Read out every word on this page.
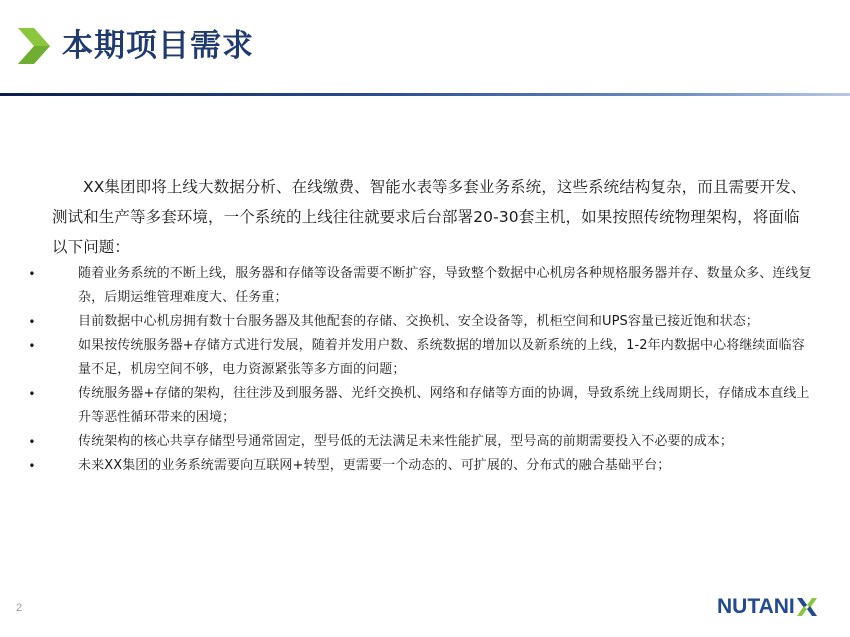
本期项目需求

XX集团即将上线大数据分析、在线缴费、智能水表等多套业务系统，这些系统结构复杂，而且需要开发、测试和生产等多套环境，一个系统的上线往往就要求后台部署20-30套主机，如果按照传统物理架构，将面临以下问题：

•	随着业务系统的不断上线，服务器和存储等设备需要不断扩容，导致整个数据中心机房各种规格服务器并存、数量众多、连线复杂，后期运维管理难度大、任务重；
•	目前数据中心机房拥有数十台服务器及其他配套的存储、交换机、安全设备等，机柜空间和UPS容量已接近饱和状态；
•	如果按传统服务器+存储方式进行发展，随着并发用户数、系统数据的增加以及新系统的上线，1-2年内数据中心将继续面临容量不足，机房空间不够，电力资源紧张等多方面的问题；
•	传统服务器+存储的架构，往往涉及到服务器、光纤交换机、网络和存储等方面的协调，导致系统上线周期长，存储成本直线上升等恶性循环带来的困境；
•	传统架构的核心共享存储型号通常固定，型号低的无法满足未来性能扩展，型号高的前期需要投入不必要的成本；
•	未来XX集团的业务系统需要向互联网+转型，更需要一个动态的、可扩展的、分布式的融合基础平台；
2	NUTANI
